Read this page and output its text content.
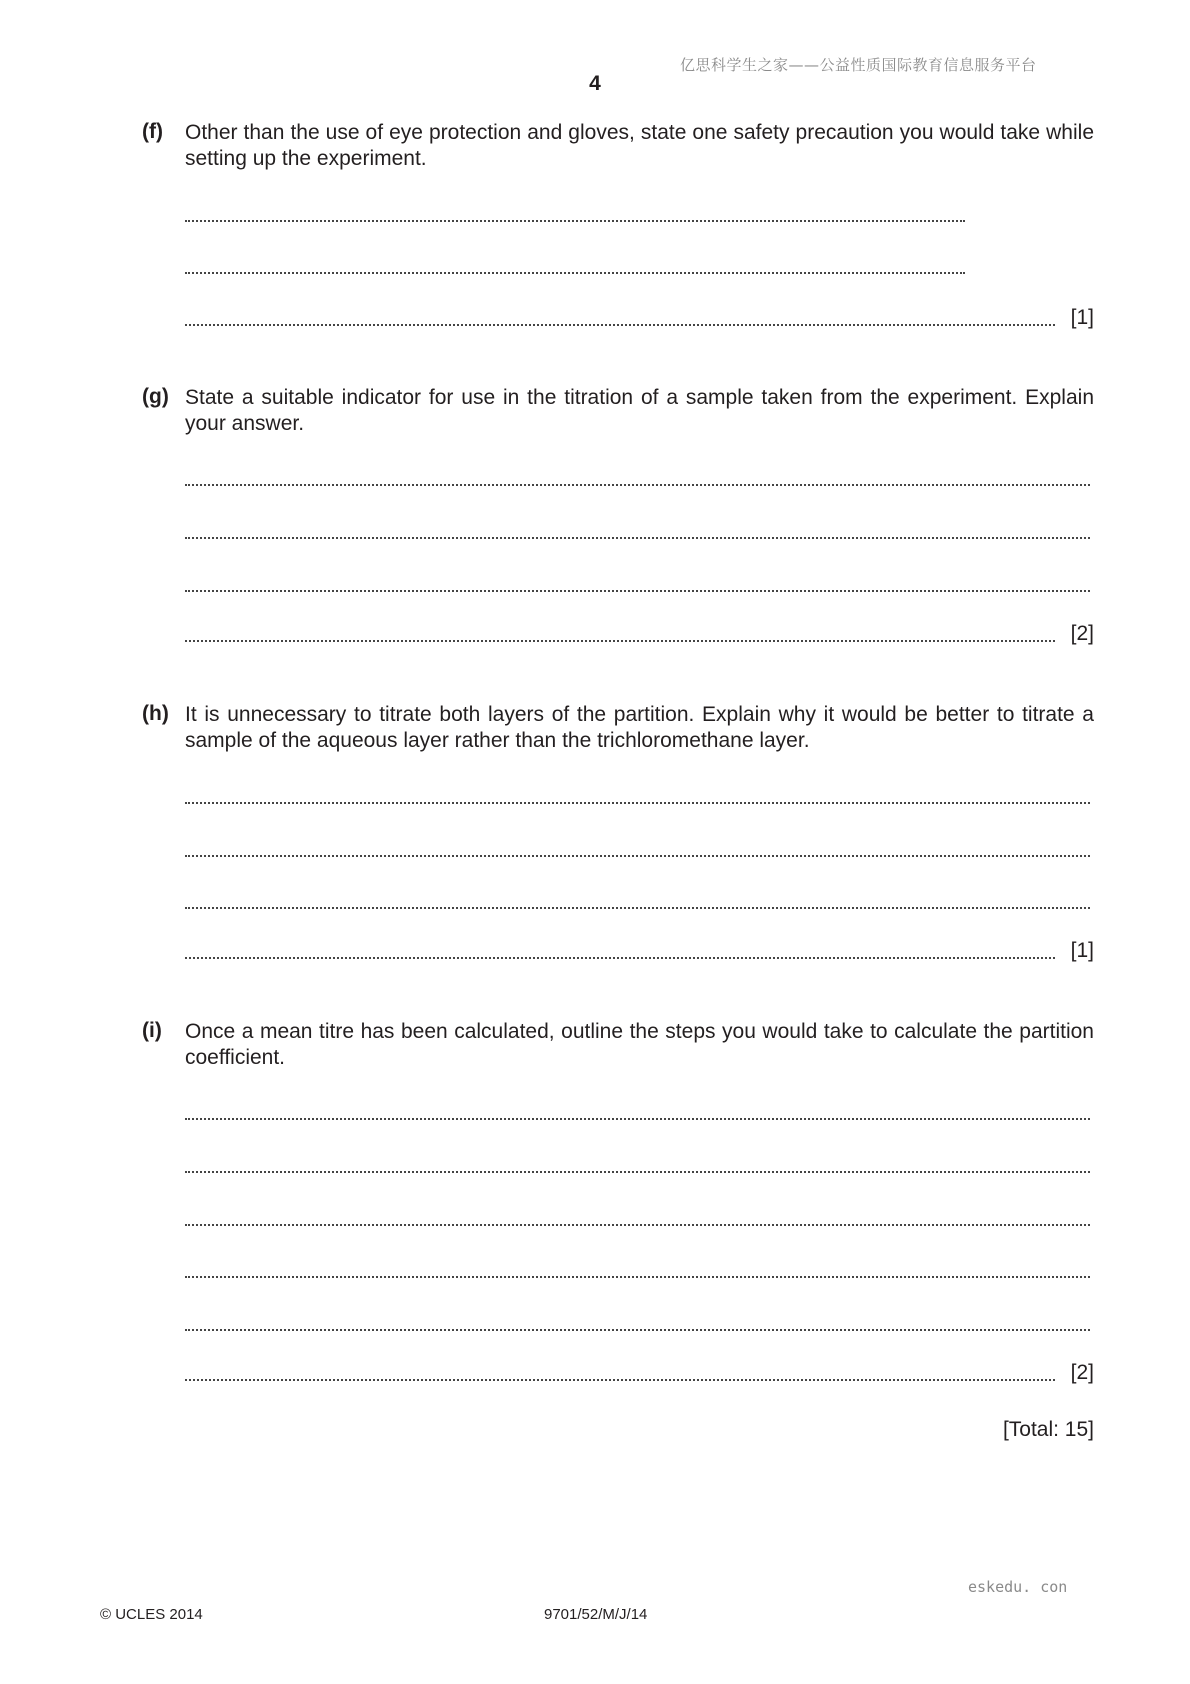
亿思科学生之家——公益性质国际教育信息服务平台
4
(f) Other than the use of eye protection and gloves, state one safety precaution you would take while setting up the experiment.
[1]
(g) State a suitable indicator for use in the titration of a sample taken from the experiment. Explain your answer.
[2]
(h) It is unnecessary to titrate both layers of the partition. Explain why it would be better to titrate a sample of the aqueous layer rather than the trichloromethane layer.
[1]
(i) Once a mean titre has been calculated, outline the steps you would take to calculate the partition coefficient.
[2]
[Total: 15]
eskedu. con
© UCLES 2014	9701/52/M/J/14
